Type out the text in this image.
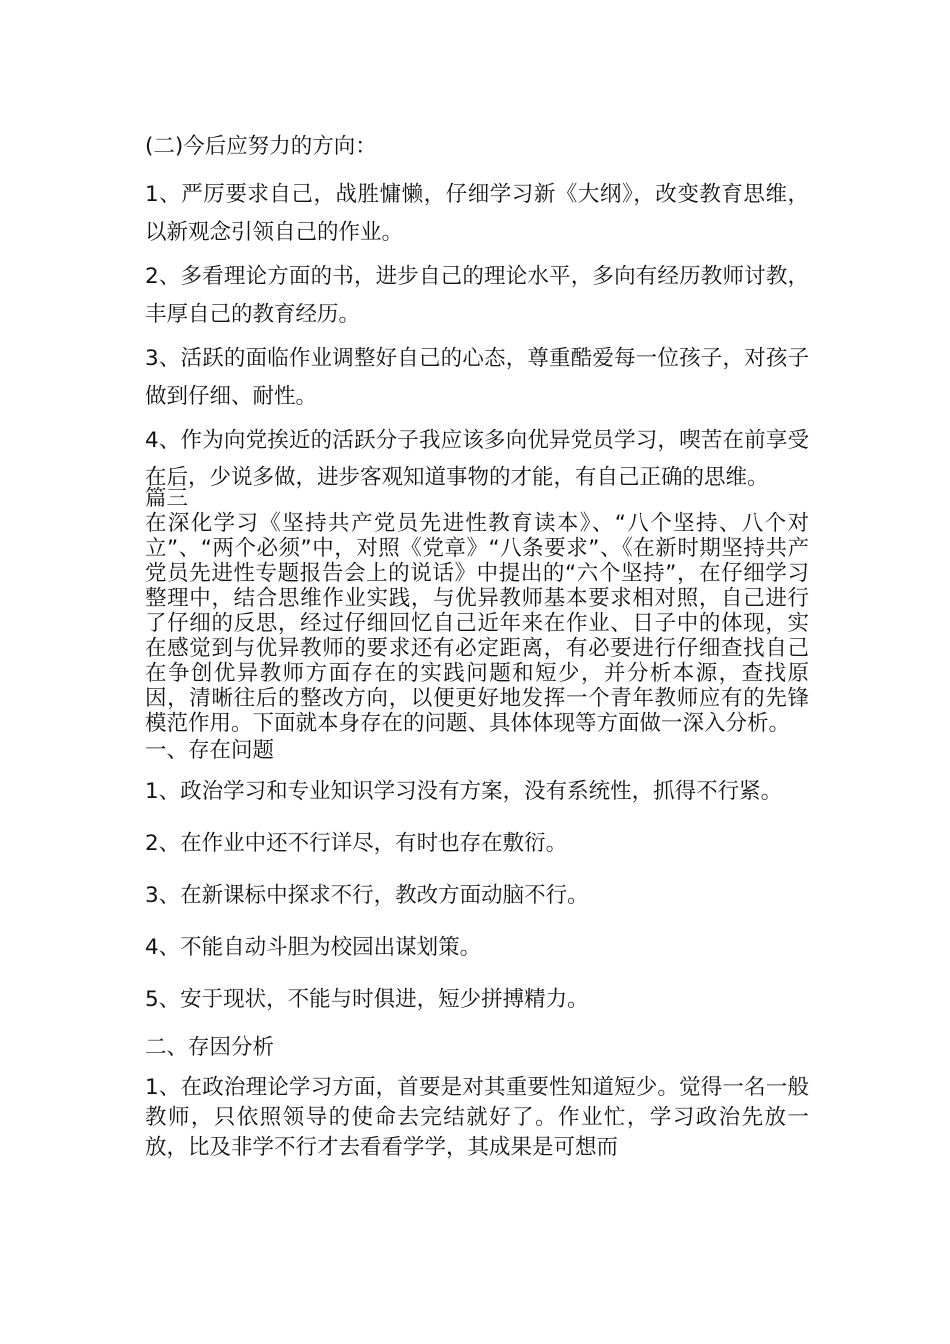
(二)今后应努力的方向：

1、严厉要求自己，战胜慵懒，仔细学习新《大纲》，改变教育思维，以新观念引领自己的作业。

2、多看理论方面的书，进步自己的理论水平，多向有经历教师讨教，丰厚自己的教育经历。

3、活跃的面临作业调整好自己的心态，尊重酷爱每一位孩子，对孩子做到仔细、耐性。

4、作为向党挨近的活跃分子我应该多向优异党员学习，喫苦在前享受在后，少说多做，进步客观知道事物的才能，有自己正确的思维。

篇三

在深化学习《坚持共产党员先进性教育读本》、“八个坚持、八个对立”、“两个必须”中，对照《党章》“八条要求”、《在新时期坚持共产党员先进性专题报告会上的说话》中提出的“六个坚持”，在仔细学习整理中，结合思维作业实践，与优异教师基本要求相对照，自己进行了仔细的反思，经过仔细回忆自己近年来在作业、日子中的体现，实在感觉到与优异教师的要求还有必定距离，有必要进行仔细查找自己在争创优异教师方面存在的实践问题和短少，并分析本源，查找原因，清晰往后的整改方向，以便更好地发挥一个青年教师应有的先锋模范作用。下面就本身存在的问题、具体体现等方面做一深入分析。

一、存在问题

1、政治学习和专业知识学习没有方案，没有系统性，抓得不行紧。

2、在作业中还不行详尽，有时也存在敷衍。

3、在新课标中探求不行，教改方面动脑不行。

4、不能自动斗胆为校园出谋划策。

5、安于现状，不能与时俱进，短少拼搏精力。

二、存因分析

1、在政治理论学习方面，首要是对其重要性知道短少。觉得一名一般教师，只依照领导的使命去完结就好了。作业忙，学习政治先放一放，比及非学不行才去看看学学，其成果是可想而
